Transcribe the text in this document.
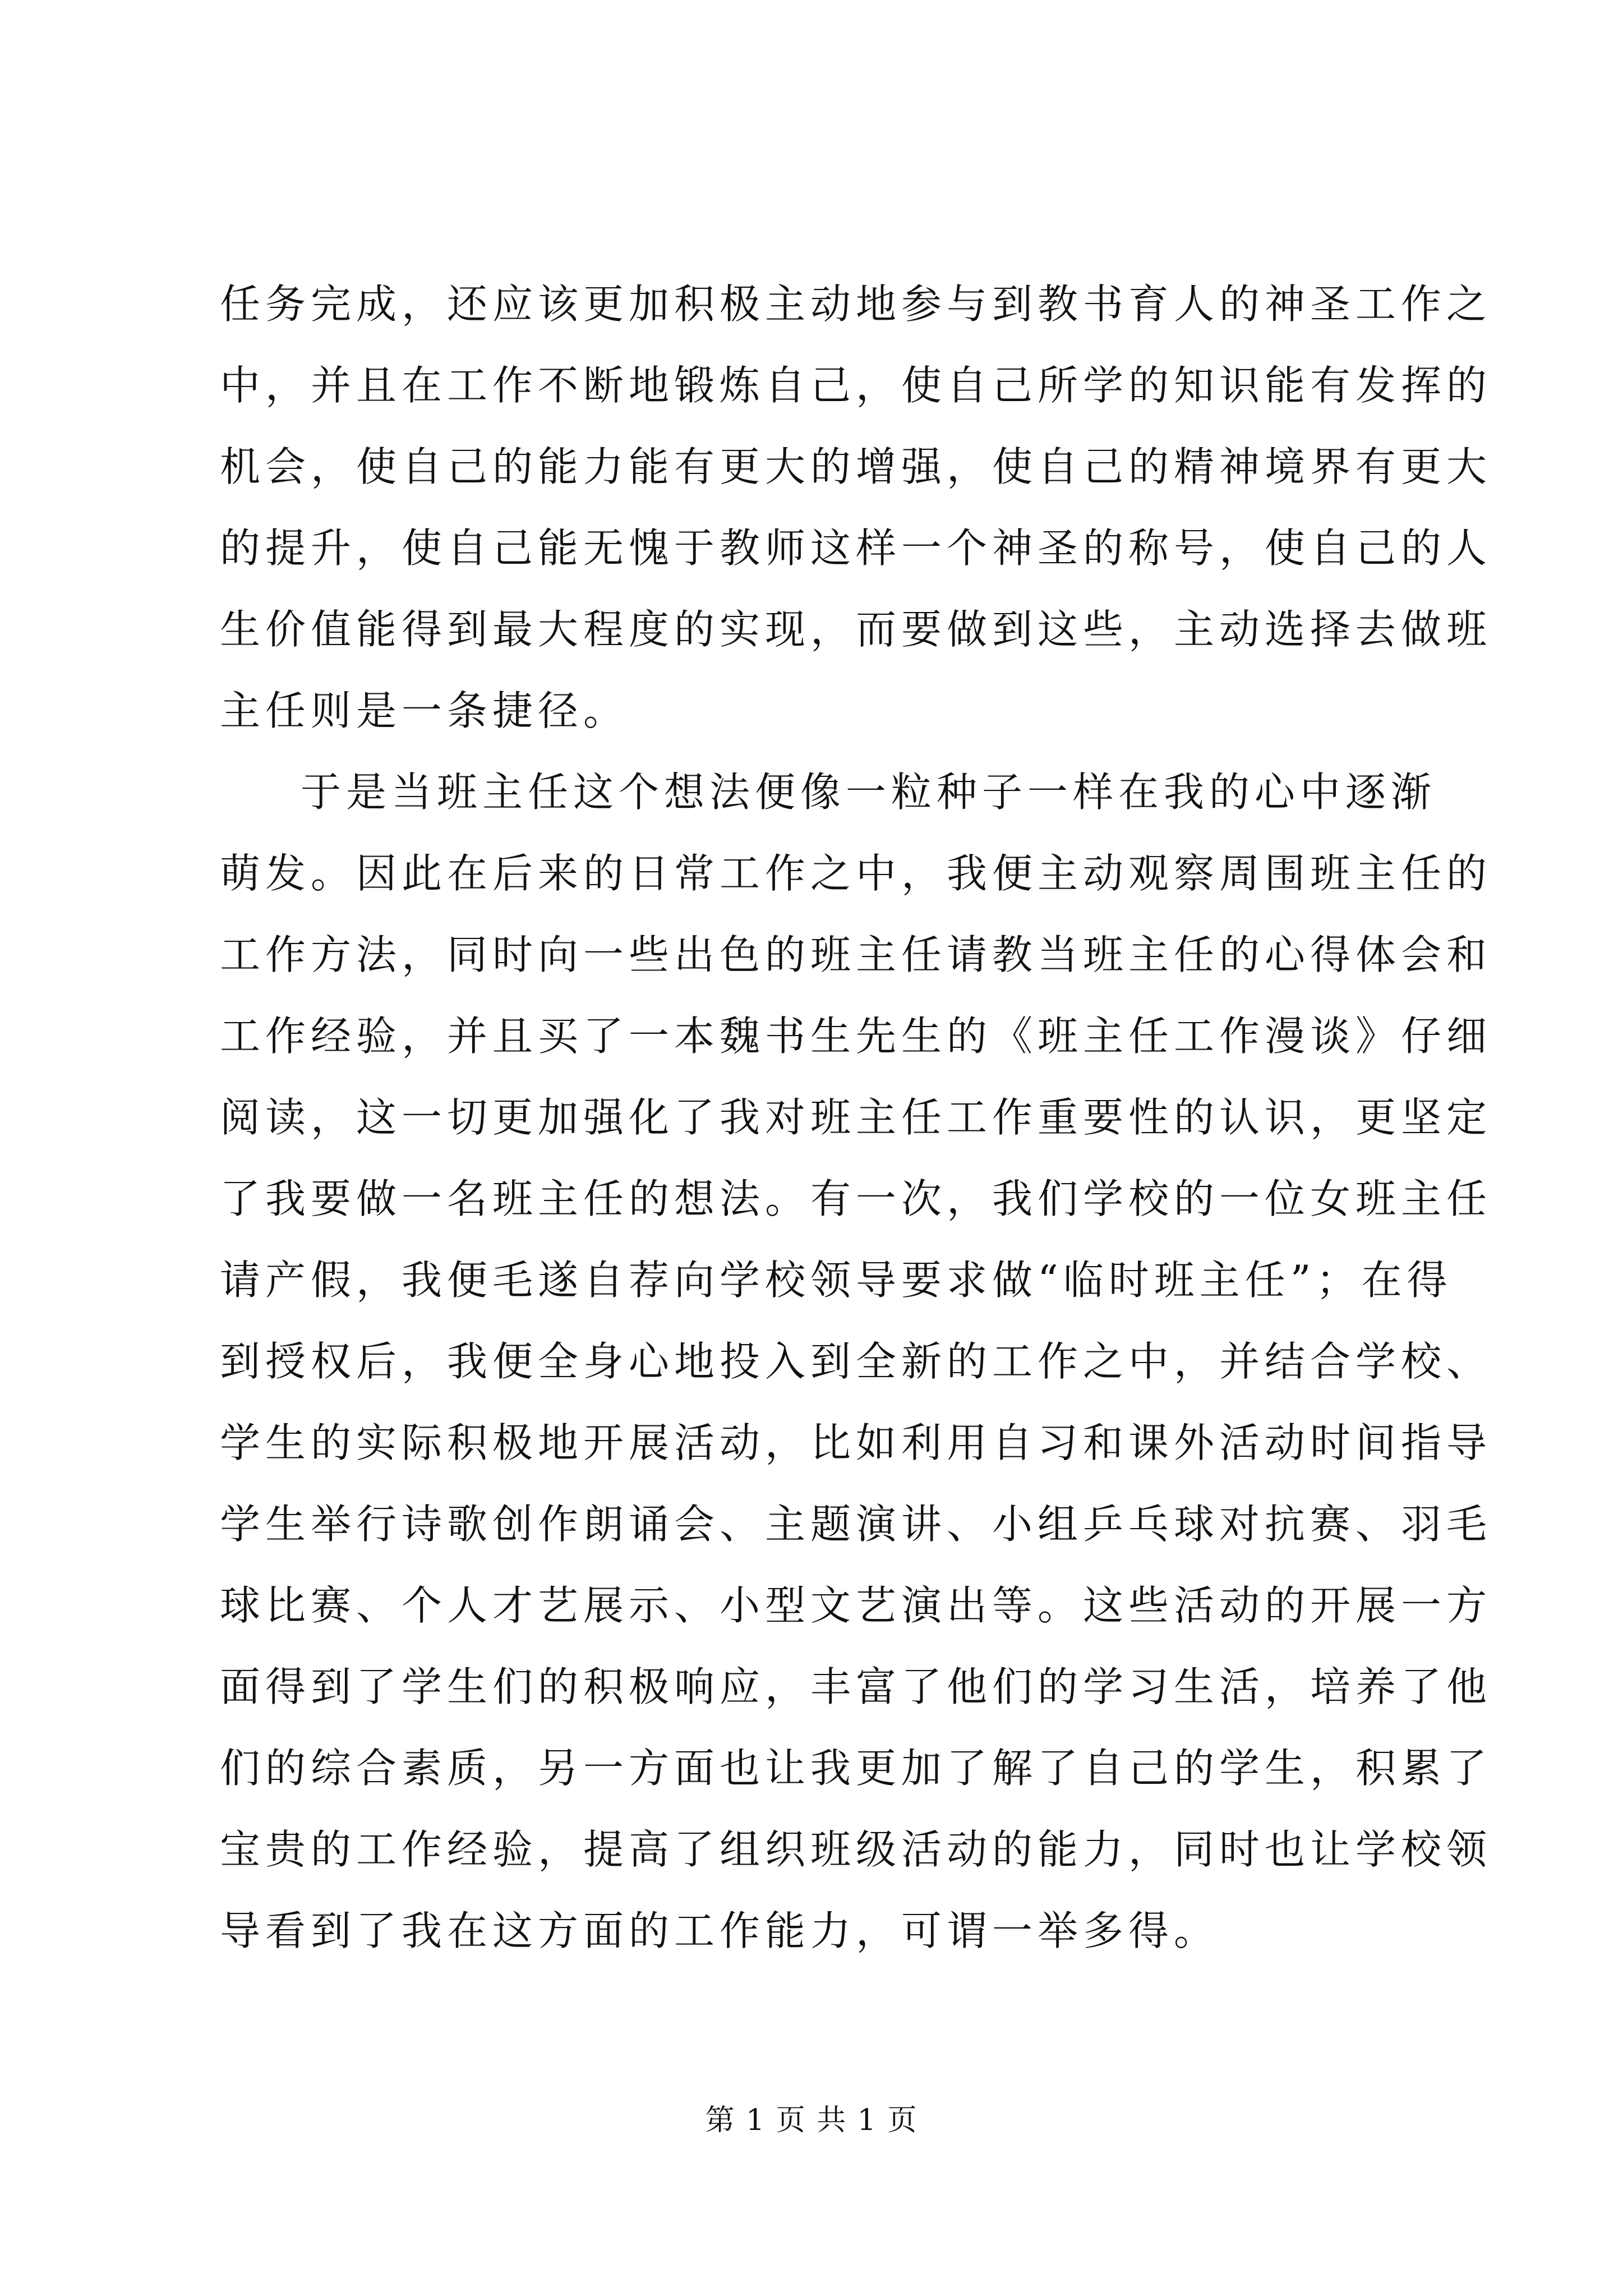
任务完成，还应该更加积极主动地参与到教书育人的神圣工作之
中，并且在工作不断地锻炼自己，使自己所学的知识能有发挥的
机会，使自己的能力能有更大的增强，使自己的精神境界有更大
的提升，使自己能无愧于教师这样一个神圣的称号，使自己的人
生价值能得到最大程度的实现，而要做到这些，主动选择去做班
主任则是一条捷径。
于是当班主任这个想法便像一粒种子一样在我的心中逐渐
萌发。因此在后来的日常工作之中，我便主动观察周围班主任的
工作方法，同时向一些出色的班主任请教当班主任的心得体会和
工作经验，并且买了一本魏书生先生的《班主任工作漫谈》仔细
阅读，这一切更加强化了我对班主任工作重要性的认识，更坚定
了我要做一名班主任的想法。有一次，我们学校的一位女班主任
请产假，我便毛遂自荐向学校领导要求做“临时班主任”；在得
到授权后，我便全身心地投入到全新的工作之中，并结合学校、
学生的实际积极地开展活动，比如利用自习和课外活动时间指导
学生举行诗歌创作朗诵会、主题演讲、小组乒乓球对抗赛、羽毛
球比赛、个人才艺展示、小型文艺演出等。这些活动的开展一方
面得到了学生们的积极响应，丰富了他们的学习生活，培养了他
们的综合素质，另一方面也让我更加了解了自己的学生，积累了
宝贵的工作经验，提高了组织班级活动的能力，同时也让学校领
导看到了我在这方面的工作能力，可谓一举多得。
第 1 页 共 1 页
